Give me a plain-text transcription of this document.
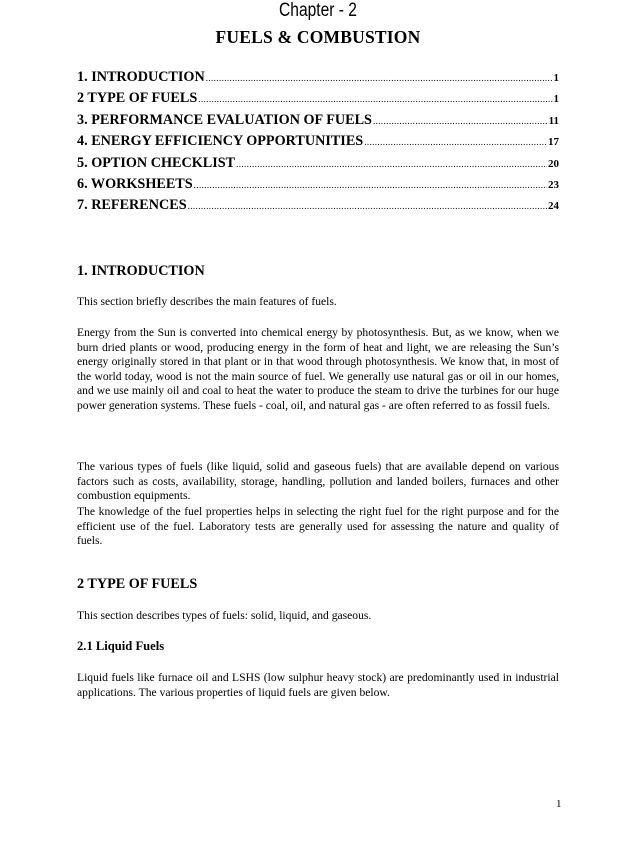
Chapter - 2
FUELS & COMBUSTION
1. INTRODUCTION .....	1
2 TYPE OF FUELS .....	1
3. PERFORMANCE EVALUATION OF FUELS .....	11
4. ENERGY EFFICIENCY OPPORTUNITIES .....	17
5. OPTION CHECKLIST .....	20
6. WORKSHEETS .....	23
7. REFERENCES .....	24
1. INTRODUCTION

This section briefly describes the main features of fuels.

Energy from the Sun is converted into chemical energy by photosynthesis. But, as we know, when we burn dried plants or wood, producing energy in the form of heat and light, we are releasing the Sun’s energy originally stored in that plant or in that wood through photosynthesis. We know that, in most of the world today, wood is not the main source of fuel. We generally use natural gas or oil in our homes, and we use mainly oil and coal to heat the water to produce the steam to drive the turbines for our huge power generation systems. These fuels - coal, oil, and natural gas - are often referred to as fossil fuels.

The various types of fuels (like liquid, solid and gaseous fuels) that are available depend on various factors such as costs, availability, storage, handling, pollution and landed boilers, furnaces and other combustion equipments.

The knowledge of the fuel properties helps in selecting the right fuel for the right purpose and for the efficient use of the fuel. Laboratory tests are generally used for assessing the nature and quality of fuels.

2 TYPE OF FUELS

This section describes types of fuels: solid, liquid, and gaseous.

2.1 Liquid Fuels

Liquid fuels like furnace oil and LSHS (low sulphur heavy stock) are predominantly used in industrial applications. The various properties of liquid fuels are given below.

1
